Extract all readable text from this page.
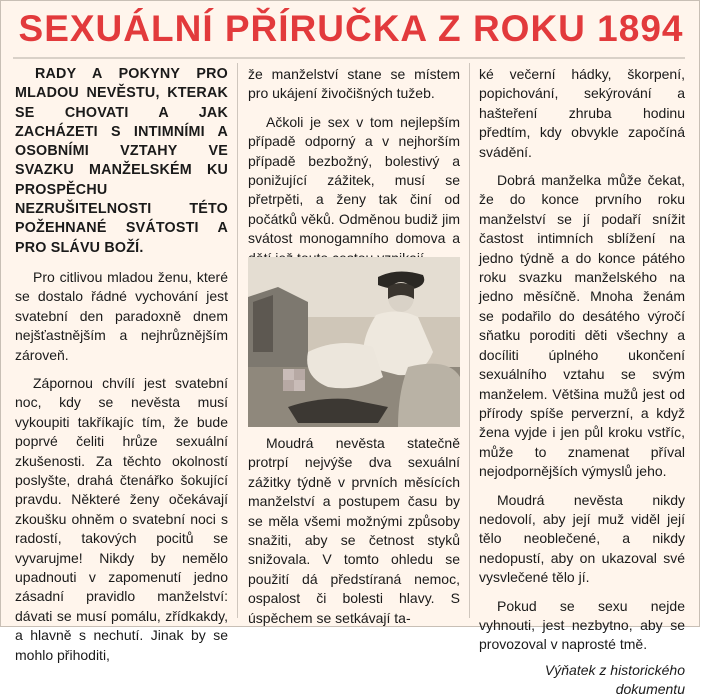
SEXUÁLNÍ PŘÍRUČKA Z ROKU 1894

RADY A POKYNY PRO MLADOU NEVĚSTU, KTERAK SE CHOVATI A JAK ZACHÁZETI S INTIMNÍMI A OSOBNÍMI VZTAHY VE SVAZKU MANŽELSKÉM KU PROSPĚCHU NEZRUŠITELNOSTI TÉTO POŽEHNANÉ SVÁTOSTI A PRO SLÁVU BOŽÍ.

Pro citlivou mladou ženu, které se dostalo řádné vychování jest svatební den paradoxně dnem nejšťastnějším a nejhrůznějším zároveň.

Zápornou chvílí jest svatební noc, kdy se nevěsta musí vykoupiti takříkajíc tím, že bude poprvé čeliti hrůze sexuální zkušenosti. Za těchto okolností poslyšte, drahá čtenářko šokující pravdu. Některé ženy očekávají zkoušku ohněm o svatební noci s radostí, takových pocitů se vyvarujme! Nikdy by nemělo upadnouti v zapomenutí jedno zásadní pravidlo manželství: dávati se musí pomálu, zřídkakdy, a hlavně s nechutí. Jinak by se mohlo přihoditi,

že manželství stane se místem pro ukájení živočišných tužeb.

Ačkoli je sex v tom nejlepším případě odporný a v nejhorším případě bezbožný, bolestivý a ponižující zážitek, musí se přetrpěti, a ženy tak činí od počátků věků. Odměnou budiž jim svátost monogamního domova a

Moudrá nevěsta statečně protrpí nejvýše dva sexuální zážitky týdně v prvních měsících manželství a postupem času by se měla všemi možnými způsoby snažiti, aby se četnost styků snižovala. V tomto ohledu se použití dá předstíraná nemoc, ospalost či bolesti hlavy. S úspěchem se setkávají ta-

ké večerní hádky, škorpení, popichování, sekýrování a hašteření zhruba hodinu předtím, kdy obvykle započíná svádění.

Dobrá manželka může čekat, že do konce prvního roku manželství se jí podaří snížit častost intimních sblížení na jedno týdně a do konce pátého roku svazku manželského na jedno měsíčně. Mnoha ženám se podařilo do desátého výročí sňatku poroditi děti všechny a docíliti úplného ukončení sexuálního vztahu se svým manželem. Většina mužů jest od přírody spíše perverzní, a když žena vyjde i jen půl kroku vstříc, může to znamenat příval nejodpornějších výmyslů jeho.

Moudrá nevěsta nikdy nedovolí, aby její muž viděl její tělo neoblečené, a nikdy nedopustí, aby on ukazoval své vysvlečené tělo jí.

Pokud se sexu nejde vyhnouti, jest nezbytno, aby se provozoval v naprosté tmě.

Výňatek z historického dokumentu
